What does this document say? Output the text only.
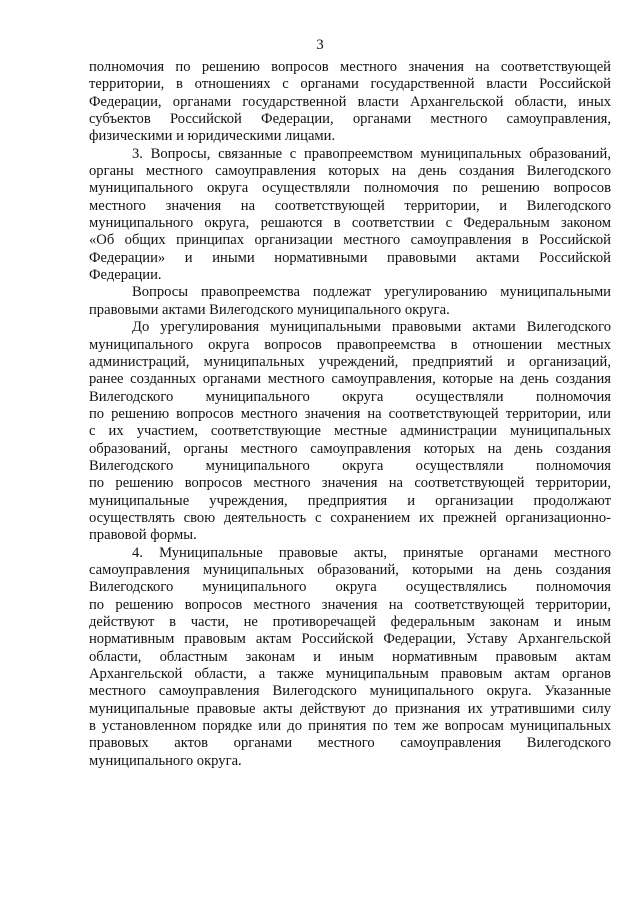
3
полномочия по решению вопросов местного значения на соответствующей
территории, в отношениях с органами государственной власти Российской
Федерации, органами государственной власти Архангельской области, иных
субъектов Российской Федерации, органами местного самоуправления,
физическими и юридическими лицами.
3. Вопросы, связанные с правопреемством муниципальных образований,
органы местного самоуправления которых на день создания Вилегодского
муниципального округа осуществляли полномочия по решению вопросов
местного значения на соответствующей территории, и Вилегодского
муниципального округа, решаются в соответствии с Федеральным законом
«Об общих принципах организации местного самоуправления в Российской
Федерации» и иными нормативными правовыми актами Российской
Федерации.
Вопросы правопреемства подлежат урегулированию муниципальными
правовыми актами Вилегодского муниципального округа.
До урегулирования муниципальными правовыми актами Вилегодского
муниципального округа вопросов правопреемства в отношении местных
администраций, муниципальных учреждений, предприятий и организаций,
ранее созданных органами местного самоуправления, которые на день создания
Вилегодского муниципального округа осуществляли полномочия
по решению вопросов местного значения на соответствующей территории, или
с их участием, соответствующие местные администрации муниципальных
образований, органы местного самоуправления которых на день создания
Вилегодского муниципального округа осуществляли полномочия
по решению вопросов местного значения на соответствующей территории,
муниципальные учреждения, предприятия и организации продолжают
осуществлять свою деятельность с сохранением их прежней организационно-
правовой формы.
4. Муниципальные правовые акты, принятые органами местного
самоуправления муниципальных образований, которыми на день создания
Вилегодского муниципального округа осуществлялись полномочия
по решению вопросов местного значения на соответствующей территории,
действуют в части, не противоречащей федеральным законам и иным
нормативным правовым актам Российской Федерации, Уставу Архангельской
области, областным законам и иным нормативным правовым актам
Архангельской области, а также муниципальным правовым актам органов
местного самоуправления Вилегодского муниципального округа. Указанные
муниципальные правовые акты действуют до признания их утратившими силу
в установленном порядке или до принятия по тем же вопросам муниципальных
правовых актов органами местного самоуправления Вилегодского
муниципального округа.
